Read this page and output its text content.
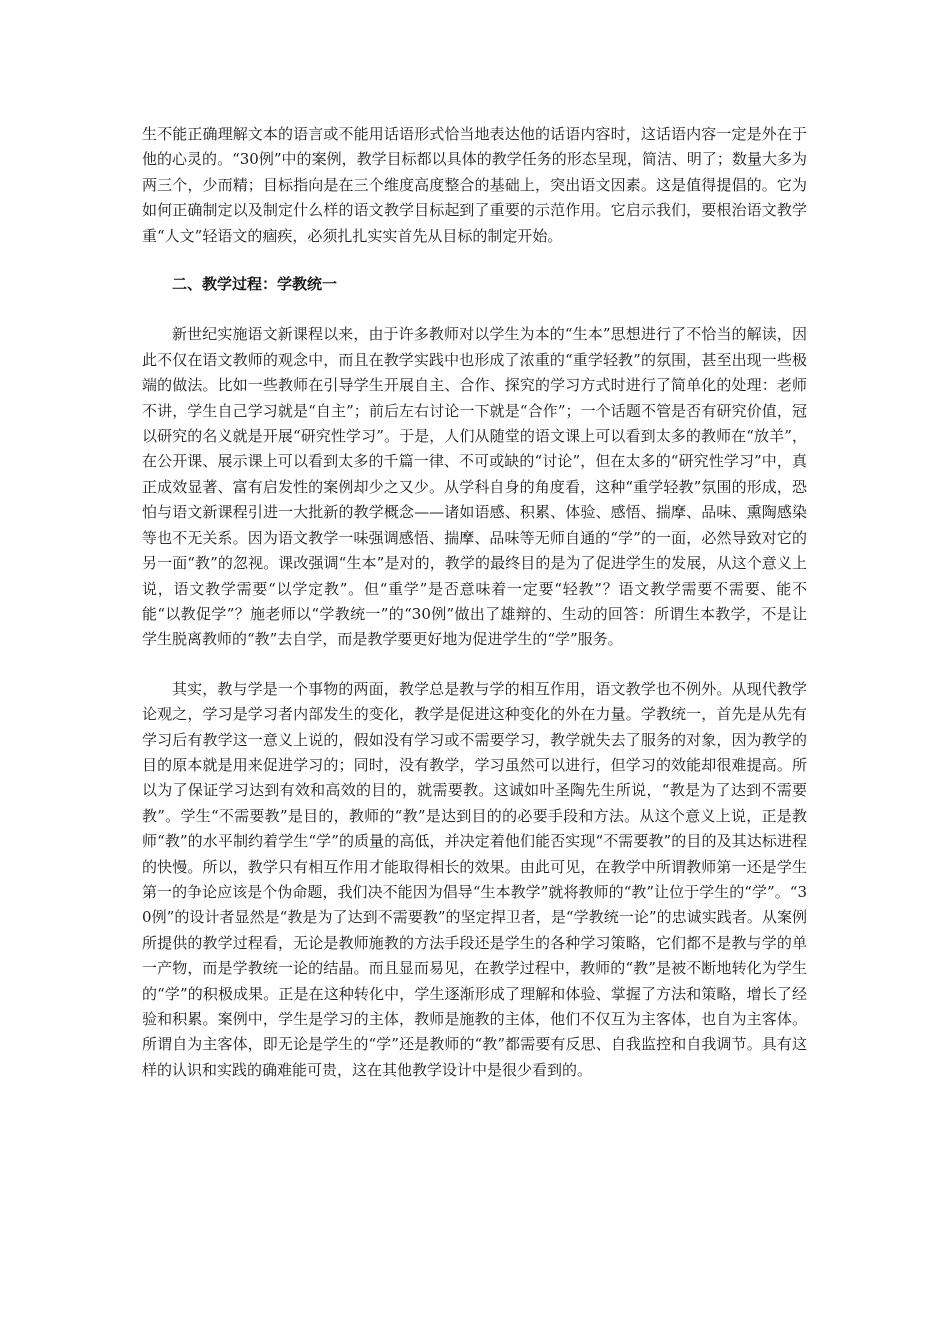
生不能正确理解文本的语言或不能用话语形式恰当地表达他的话语内容时，这话语内容一定是外在于他的心灵的。“30例”中的案例，教学目标都以具体的教学任务的形态呈现，简洁、明了；数量大多为两三个，少而精；目标指向是在三个维度高度整合的基础上，突出语文因素。这是值得提倡的。它为如何正确制定以及制定什么样的语文教学目标起到了重要的示范作用。它启示我们，要根治语文教学重“人文”轻语文的痼疾，必须扎扎实实首先从目标的制定开始。

二、教学过程：学教统一

新世纪实施语文新课程以来，由于许多教师对以学生为本的“生本”思想进行了不恰当的解读，因此不仅在语文教师的观念中，而且在教学实践中也形成了浓重的“重学轻教”的氛围，甚至出现一些极端的做法。比如一些教师在引导学生开展自主、合作、探究的学习方式时进行了简单化的处理：老师不讲，学生自己学习就是“自主”；前后左右讨论一下就是“合作”；一个话题不管是否有研究价值，冠以研究的名义就是开展“研究性学习”。于是，人们从随堂的语文课上可以看到太多的教师在“放羊”，在公开课、展示课上可以看到太多的千篇一律、不可或缺的“讨论”，但在太多的“研究性学习”中，真正成效显著、富有启发性的案例却少之又少。从学科自身的角度看，这种“重学轻教”氛围的形成，恐怕与语文新课程引进一大批新的教学概念——诸如语感、积累、体验、感悟、揣摩、品味、熏陶感染等也不无关系。因为语文教学一味强调感悟、揣摩、品味等无师自通的“学”的一面，必然导致对它的另一面“教”的忽视。课改强调“生本”是对的，教学的最终目的是为了促进学生的发展，从这个意义上说，语文教学需要“以学定教”。但“重学”是否意味着一定要“轻教”？语文教学需要不需要、能不能“以教促学”？施老师以“学教统一”的“30例”做出了雄辩的、生动的回答：所谓生本教学，不是让学生脱离教师的“教”去自学，而是教学要更好地为促进学生的“学”服务。

其实，教与学是一个事物的两面，教学总是教与学的相互作用，语文教学也不例外。从现代教学论观之，学习是学习者内部发生的变化，教学是促进这种变化的外在力量。学教统一，首先是从先有学习后有教学这一意义上说的，假如没有学习或不需要学习，教学就失去了服务的对象，因为教学的目的原本就是用来促进学习的；同时，没有教学，学习虽然可以进行，但学习的效能却很难提高。所以为了保证学习达到有效和高效的目的，就需要教。这诚如叶圣陶先生所说，“教是为了达到不需要教”。学生“不需要教”是目的，教师的“教”是达到目的的必要手段和方法。从这个意义上说，正是教师“教”的水平制约着学生“学”的质量的高低，并决定着他们能否实现“不需要教”的目的及其达标进程的快慢。所以，教学只有相互作用才能取得相长的效果。由此可见，在教学中所谓教师第一还是学生第一的争论应该是个伪命题，我们决不能因为倡导“生本教学”就将教师的“教”让位于学生的“学”。“30例”的设计者显然是“教是为了达到不需要教”的坚定捍卫者，是“学教统一论”的忠诚实践者。从案例所提供的教学过程看，无论是教师施教的方法手段还是学生的各种学习策略，它们都不是教与学的单一产物，而是学教统一论的结晶。而且显而易见，在教学过程中，教师的“教”是被不断地转化为学生的“学”的积极成果。正是在这种转化中，学生逐渐形成了理解和体验、掌握了方法和策略，增长了经验和积累。案例中，学生是学习的主体，教师是施教的主体，他们不仅互为主客体，也自为主客体。所谓自为主客体，即无论是学生的“学”还是教师的“教”都需要有反思、自我监控和自我调节。具有这样的认识和实践的确难能可贵，这在其他教学设计中是很少看到的。
